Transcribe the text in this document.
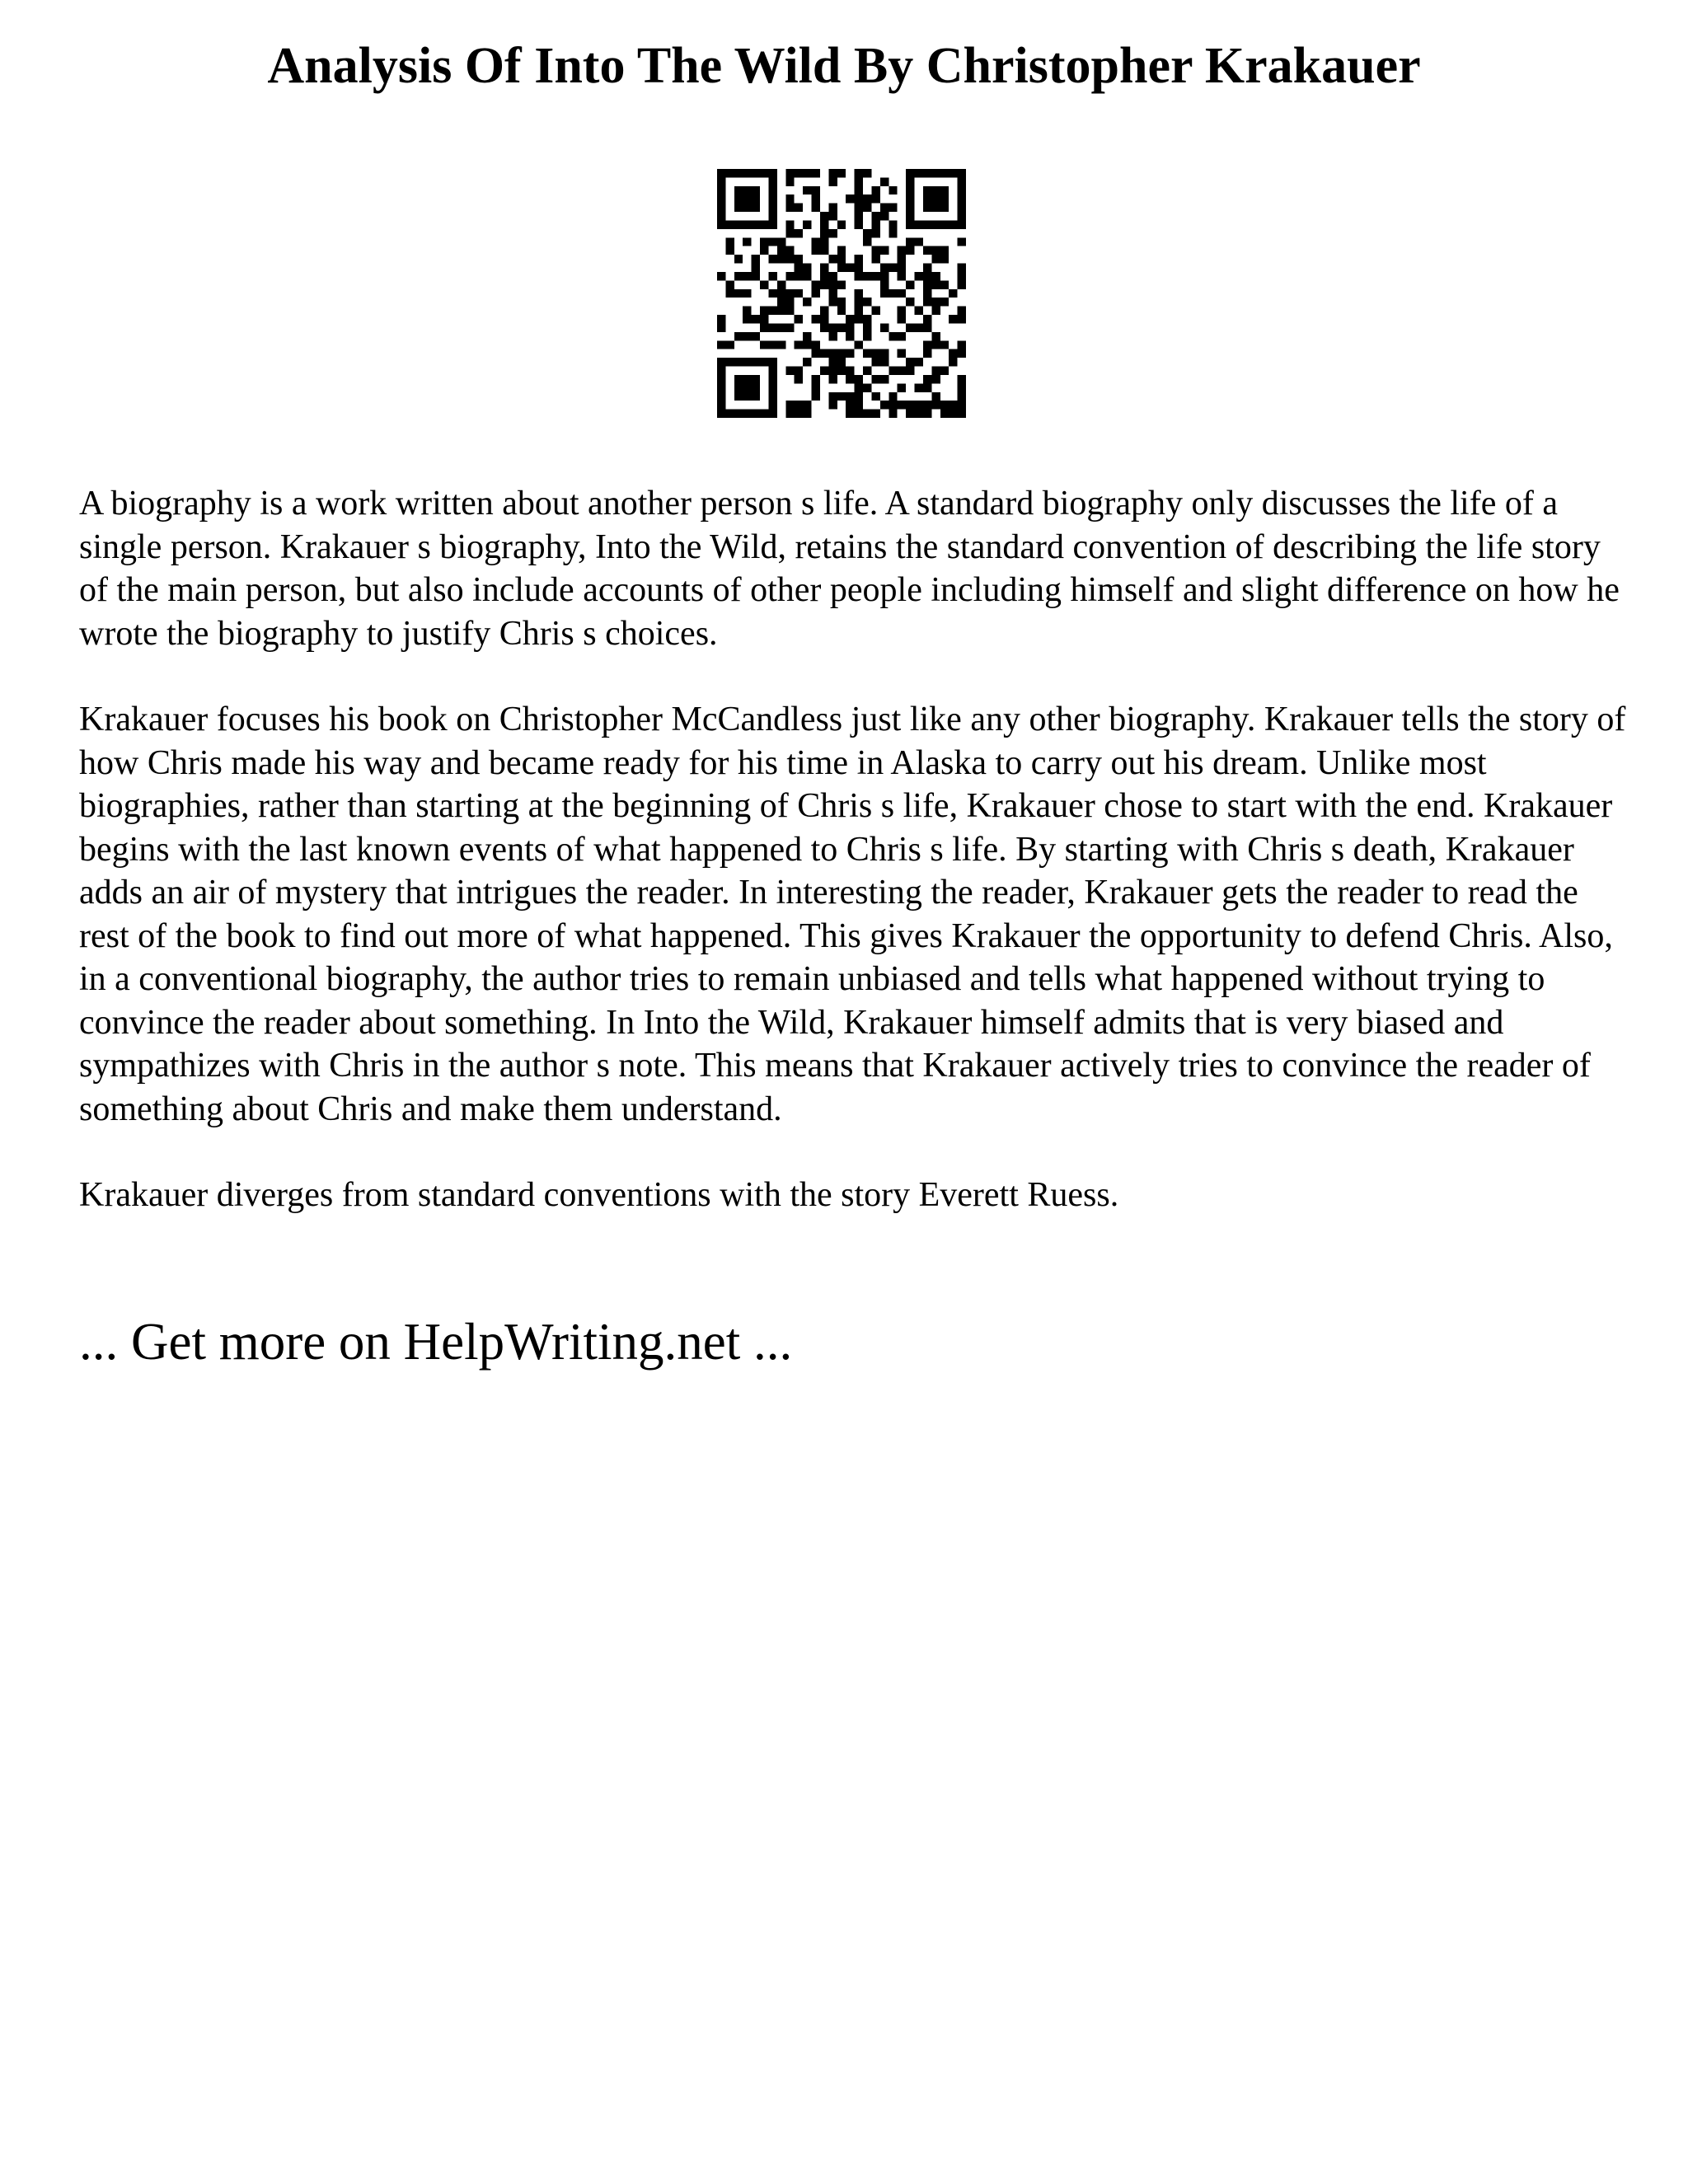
Analysis Of Into The Wild By Christopher Krakauer

A biography is a work written about another person s life. A standard biography only discusses the life of a single person. Krakauer s biography, Into the Wild, retains the standard convention of describing the life story of the main person, but also include accounts of other people including himself and slight difference on how he wrote the biography to justify Chris s choices.

Krakauer focuses his book on Christopher McCandless just like any other biography. Krakauer tells the story of how Chris made his way and became ready for his time in Alaska to carry out his dream. Unlike most biographies, rather than starting at the beginning of Chris s life, Krakauer chose to start with the end. Krakauer begins with the last known events of what happened to Chris s life. By starting with Chris s death, Krakauer adds an air of mystery that intrigues the reader. In interesting the reader, Krakauer gets the reader to read the rest of the book to find out more of what happened. This gives Krakauer the opportunity to defend Chris. Also, in a conventional biography, the author tries to remain unbiased and tells what happened without trying to convince the reader about something. In Into the Wild, Krakauer himself admits that is very biased and sympathizes with Chris in the author s note. This means that Krakauer actively tries to convince the reader of something about Chris and make them understand.

Krakauer diverges from standard conventions with the story Everett Ruess.

... Get more on HelpWriting.net ...
